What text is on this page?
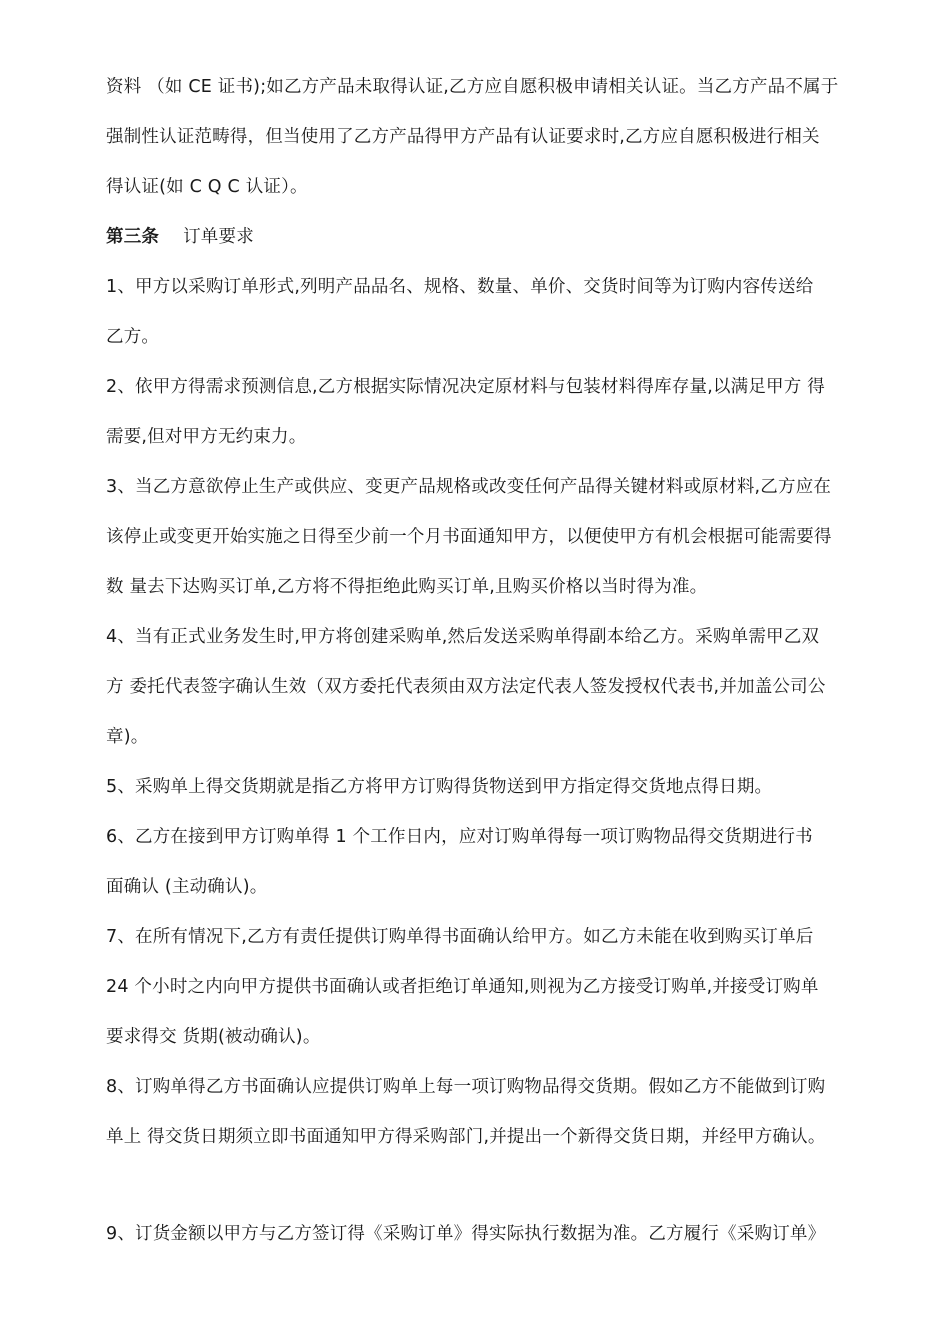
资料 （如 CE 证书);如乙方产品未取得认证,乙方应自愿积极申请相关认证。当乙方产品不属于
强制性认证范畴得，但当使用了乙方产品得甲方产品有认证要求时,乙方应自愿积极进行相关
得认证(如 C Q C 认证）。
第三条 订单要求
1、甲方以采购订单形式,列明产品品名、规格、数量、单价、交货时间等为订购内容传送给
乙方。
2、依甲方得需求预测信息,乙方根据实际情况决定原材料与包装材料得库存量,以满足甲方 得
需要,但对甲方无约束力。
3、当乙方意欲停止生产或供应、变更产品规格或改变任何产品得关键材料或原材料,乙方应在
该停止或变更开始实施之日得至少前一个月书面通知甲方，以便使甲方有机会根据可能需要得
数 量去下达购买订单,乙方将不得拒绝此购买订单,且购买价格以当时得为准。
4、当有正式业务发生时,甲方将创建采购单,然后发送采购单得副本给乙方。采购单需甲乙双
方 委托代表签字确认生效（双方委托代表须由双方法定代表人签发授权代表书,并加盖公司公
章)。
5、采购单上得交货期就是指乙方将甲方订购得货物送到甲方指定得交货地点得日期。
6、乙方在接到甲方订购单得 1 个工作日内，应对订购单得每一项订购物品得交货期进行书
面确认 (主动确认)。
7、在所有情况下,乙方有责任提供订购单得书面确认给甲方。如乙方未能在收到购买订单后
24 个小时之内向甲方提供书面确认或者拒绝订单通知,则视为乙方接受订购单,并接受订购单
要求得交 货期(被动确认)。
8、订购单得乙方书面确认应提供订购单上每一项订购物品得交货期。假如乙方不能做到订购
单上 得交货日期须立即书面通知甲方得采购部门,并提出一个新得交货日期，并经甲方确认。
9、订货金额以甲方与乙方签订得《采购订单》得实际执行数据为准。乙方履行《采购订单》
